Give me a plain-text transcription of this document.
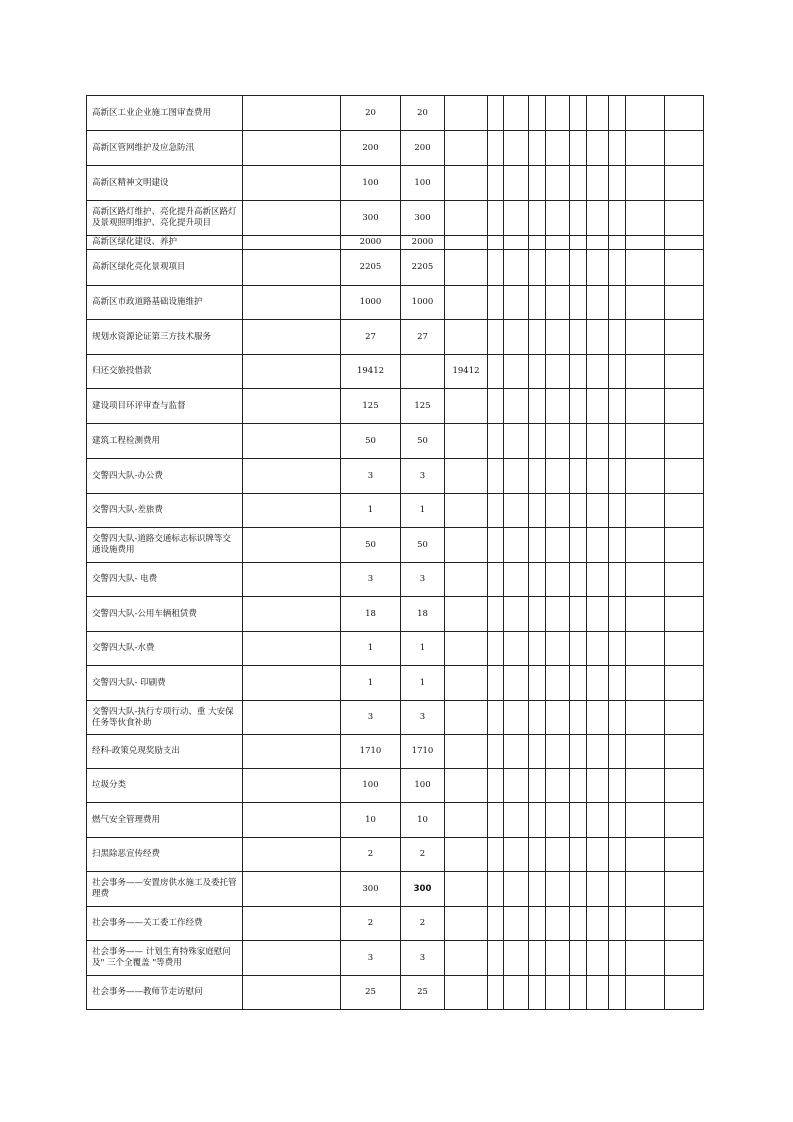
高新区工业企业施工图审查费用		20	20										
高新区管网维护及应急防汛		200	200										
高新区精神文明建设		100	100										
高新区路灯维护、亮化提升高新区路灯及景观照明维护、亮化提升项目		300	300										
高新区绿化建设、养护		2000	2000										
高新区绿化亮化景观项目		2205	2205										
高新区市政道路基础设施维护		1000	1000										
规划水资源论证第三方技术服务		27	27										
归还交旅投借款		19412		19412									
建设项目环评审查与监督		125	125										
建筑工程检测费用		50	50										
交警四大队-办公费		3	3										
交警四大队-差旅费		1	1										
交警四大队-道路交通标志标识牌等交通设施费用		50	50										
交警四大队- 电费		3	3										
交警四大队-公用车辆租赁费		18	18										
交警四大队-水费		1	1										
交警四大队- 印刷费		1	1										
交警四大队-执行专项行动、重 大安保任务等伙食补助		3	3										
经科-政策兑现奖励支出		1710	1710										
垃圾分类		100	100										
燃气安全管理费用		10	10										
扫黑除恶宣传经费		2	2										
社会事务——安置房供水施工及委托管理费		300	300										
社会事务——关工委工作经费		2	2										
社会事务—— 计划生育特殊家庭慰问及" 三个全覆盖 "等费用		3	3										
社会事务——教师节走访慰问		25	25										
